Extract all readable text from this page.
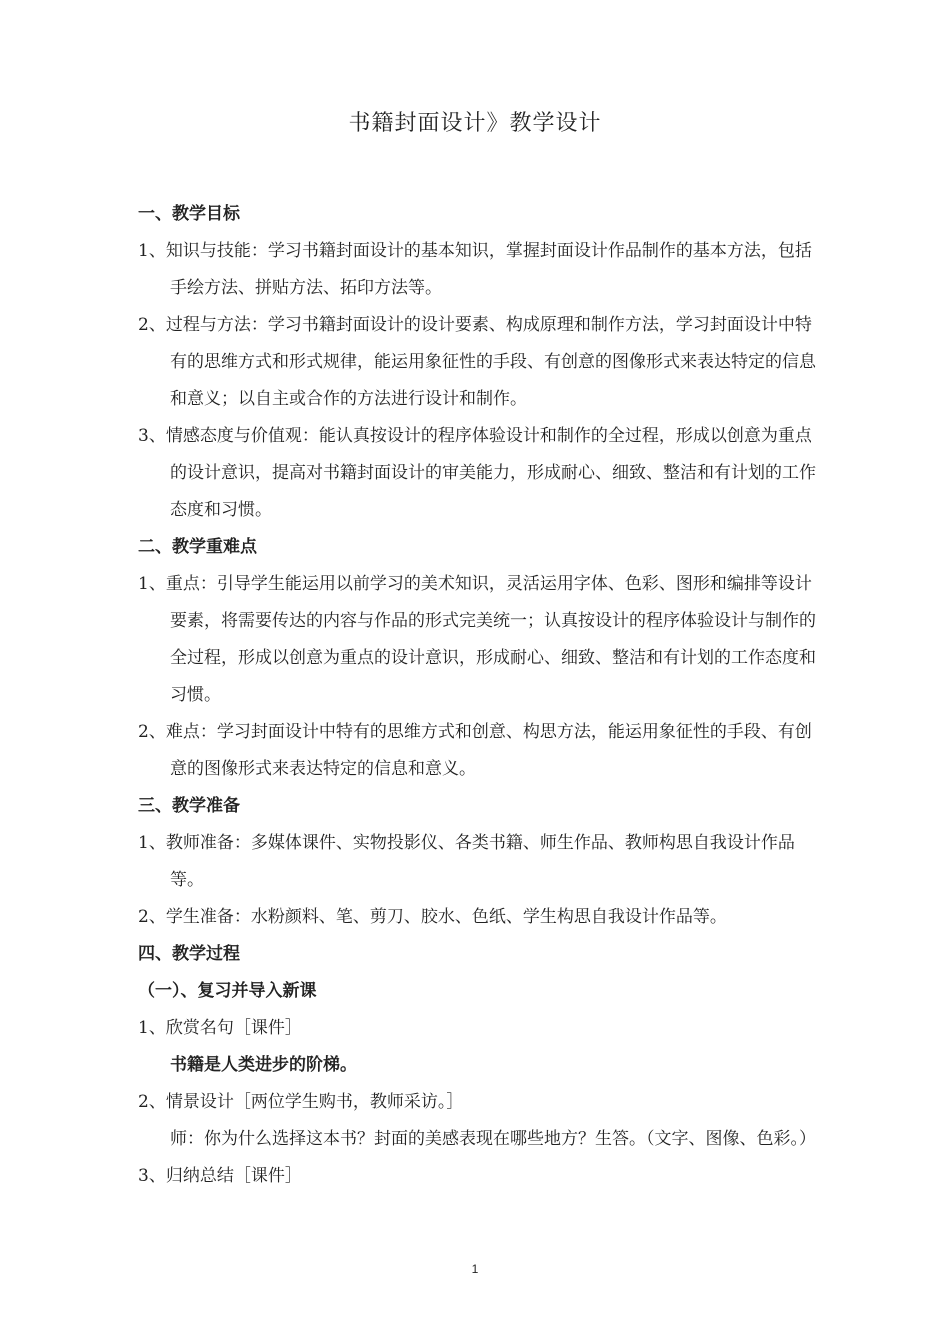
书籍封面设计》教学设计
一、教学目标
1、知识与技能：学习书籍封面设计的基本知识，掌握封面设计作品制作的基本方法，包括手绘方法、拼贴方法、拓印方法等。
2、过程与方法：学习书籍封面设计的设计要素、构成原理和制作方法，学习封面设计中特有的思维方式和形式规律，能运用象征性的手段、有创意的图像形式来表达特定的信息和意义；以自主或合作的方法进行设计和制作。
3、情感态度与价值观：能认真按设计的程序体验设计和制作的全过程，形成以创意为重点的设计意识，提高对书籍封面设计的审美能力，形成耐心、细致、整洁和有计划的工作态度和习惯。
二、教学重难点
1、重点：引导学生能运用以前学习的美术知识，灵活运用字体、色彩、图形和编排等设计要素，将需要传达的内容与作品的形式完美统一；认真按设计的程序体验设计与制作的全过程，形成以创意为重点的设计意识，形成耐心、细致、整洁和有计划的工作态度和习惯。
2、难点：学习封面设计中特有的思维方式和创意、构思方法，能运用象征性的手段、有创意的图像形式来表达特定的信息和意义。
三、教学准备
1、教师准备：多媒体课件、实物投影仪、各类书籍、师生作品、教师构思自我设计作品等。
2、学生准备：水粉颜料、笔、剪刀、胶水、色纸、学生构思自我设计作品等。
四、教学过程
（一）、复习并导入新课
1、欣赏名句［课件］
书籍是人类进步的阶梯。
2、情景设计［两位学生购书，教师采访。］
师：你为什么选择这本书？封面的美感表现在哪些地方？生答。（文字、图像、色彩。）
3、归纳总结［课件］
1
